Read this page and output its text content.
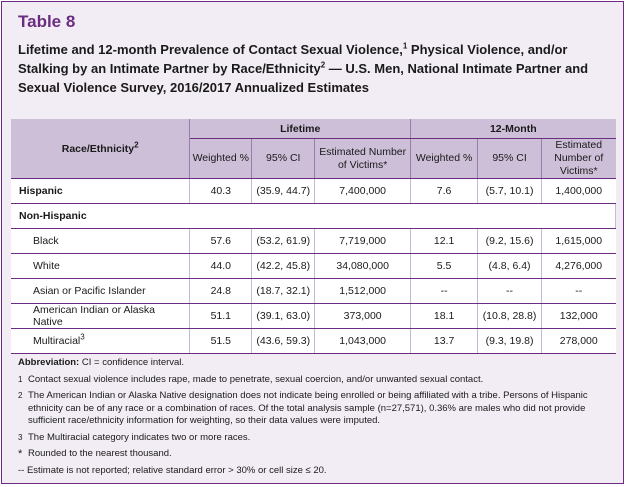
Table 8
Lifetime and 12-month Prevalence of Contact Sexual Violence,$^1$ Physical Violence, and/or Stalking by an Intimate Partner by Race/Ethnicity$^2$ — U.S. Men, National Intimate Partner and Sexual Violence Survey, 2016/2017 Annualized Estimates
Race/Ethnicity$^2$	Lifetime			12-Month		
	Weighted %	95% CI	Estimated Number of Victims*	Weighted %	95% CI	Estimated Number of Victims*
Hispanic	40.3	(35.9, 44.7)	7,400,000	7.6	(5.7, 10.1)	1,400,000
Non-Hispanic						
Black	57.6	(53.2, 61.9)	7,719,000	12.1	(9.2, 15.6)	1,615,000
White	44.0	(42.2, 45.8)	34,080,000	5.5	(4.8, 6.4)	4,276,000
Asian or Pacific Islander	24.8	(18.7, 32.1)	1,512,000	--	--	--
American Indian or Alaska Native	51.1	(39.1, 63.0)	373,000	18.1	(10.8, 28.8)	132,000
Multiracial$^3$	51.5	(43.6, 59.3)	1,043,000	13.7	(9.3, 19.8)	278,000
Abbreviation: CI = confidence interval.
1 Contact sexual violence includes rape, made to penetrate, sexual coercion, and/or unwanted sexual contact.
2 The American Indian or Alaska Native designation does not indicate being enrolled or being affiliated with a tribe. Persons of Hispanic ethnicity can be of any race or a combination of races. Of the total analysis sample (n=27,571), 0.36% are males who did not provide sufficient race/ethnicity information for weighting, so their data values were imputed.
3 The Multiracial category indicates two or more races.
* Rounded to the nearest thousand.
-- Estimate is not reported; relative standard error > 30% or cell size ≤ 20.
